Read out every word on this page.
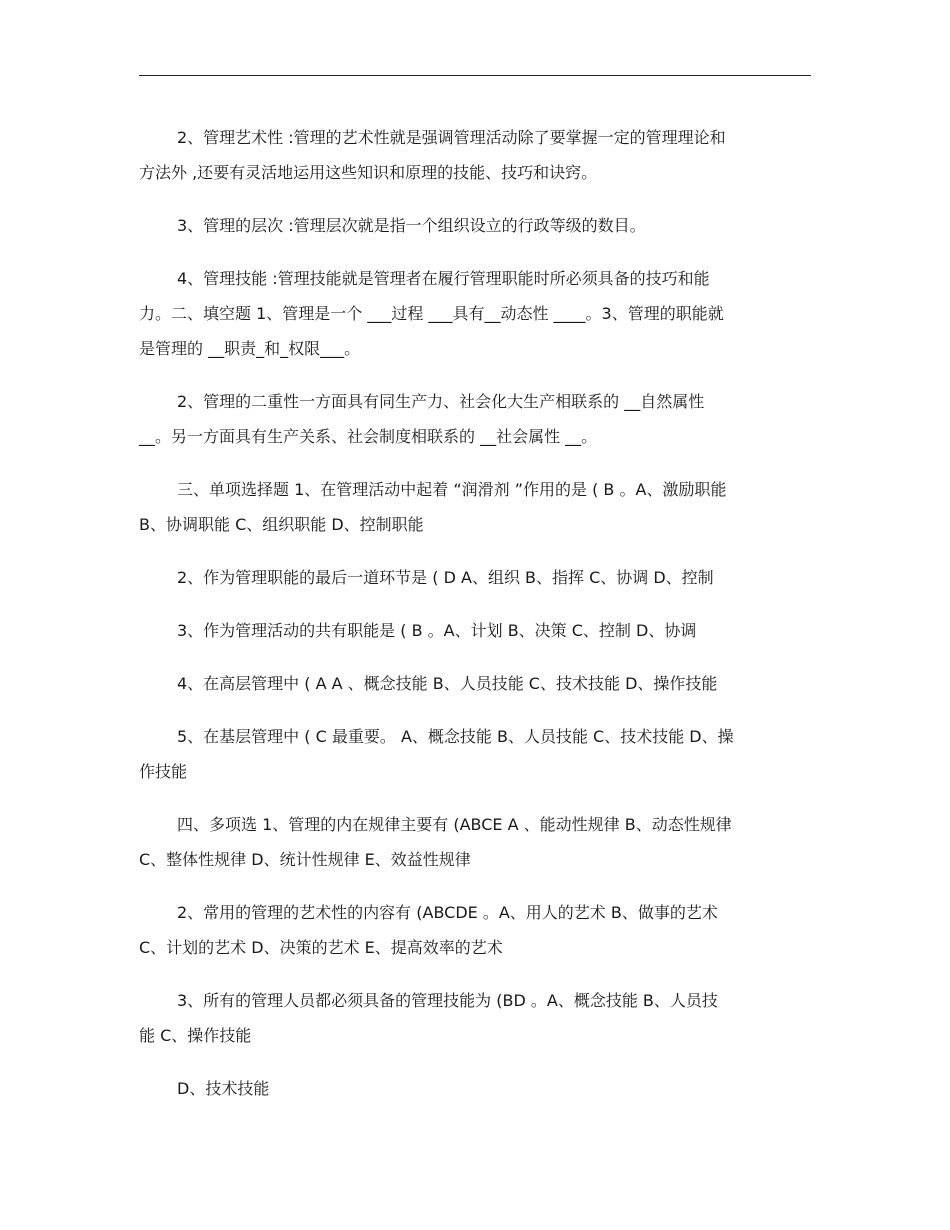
2、管理艺术性 :管理的艺术性就是强调管理活动除了要掌握一定的管理理论和
方法外 ,还要有灵活地运用这些知识和原理的技能、技巧和诀窍。

3、管理的层次 :管理层次就是指一个组织设立的行政等级的数目。

4、管理技能 :管理技能就是管理者在履行管理职能时所必须具备的技巧和能
力。二、填空题 1、管理是一个 ___过程 ___具有__动态性 ____。3、管理的职能就
是管理的 __职责_和_权限___。

2、管理的二重性一方面具有同生产力、社会化大生产相联系的 __自然属性
__。另一方面具有生产关系、社会制度相联系的 __社会属性 __。

三、单项选择题 1、在管理活动中起着 “润滑剂 ”作用的是 ( B 。A、激励职能
B、协调职能 C、组织职能 D、控制职能

2、作为管理职能的最后一道环节是 ( D A、组织 B、指挥 C、协调 D、控制

3、作为管理活动的共有职能是 ( B 。A、计划 B、决策 C、控制 D、协调

4、在高层管理中 ( A A 、概念技能 B、人员技能 C、技术技能 D、操作技能

5、在基层管理中 ( C 最重要。 A、概念技能 B、人员技能 C、技术技能 D、操
作技能

四、多项选 1、管理的内在规律主要有 (ABCE A 、能动性规律 B、动态性规律
C、整体性规律 D、统计性规律 E、效益性规律

2、常用的管理的艺术性的内容有 (ABCDE 。A、用人的艺术 B、做事的艺术
C、计划的艺术 D、决策的艺术 E、提高效率的艺术

3、所有的管理人员都必须具备的管理技能为 (BD 。A、概念技能 B、人员技
能 C、操作技能

D、技术技能
